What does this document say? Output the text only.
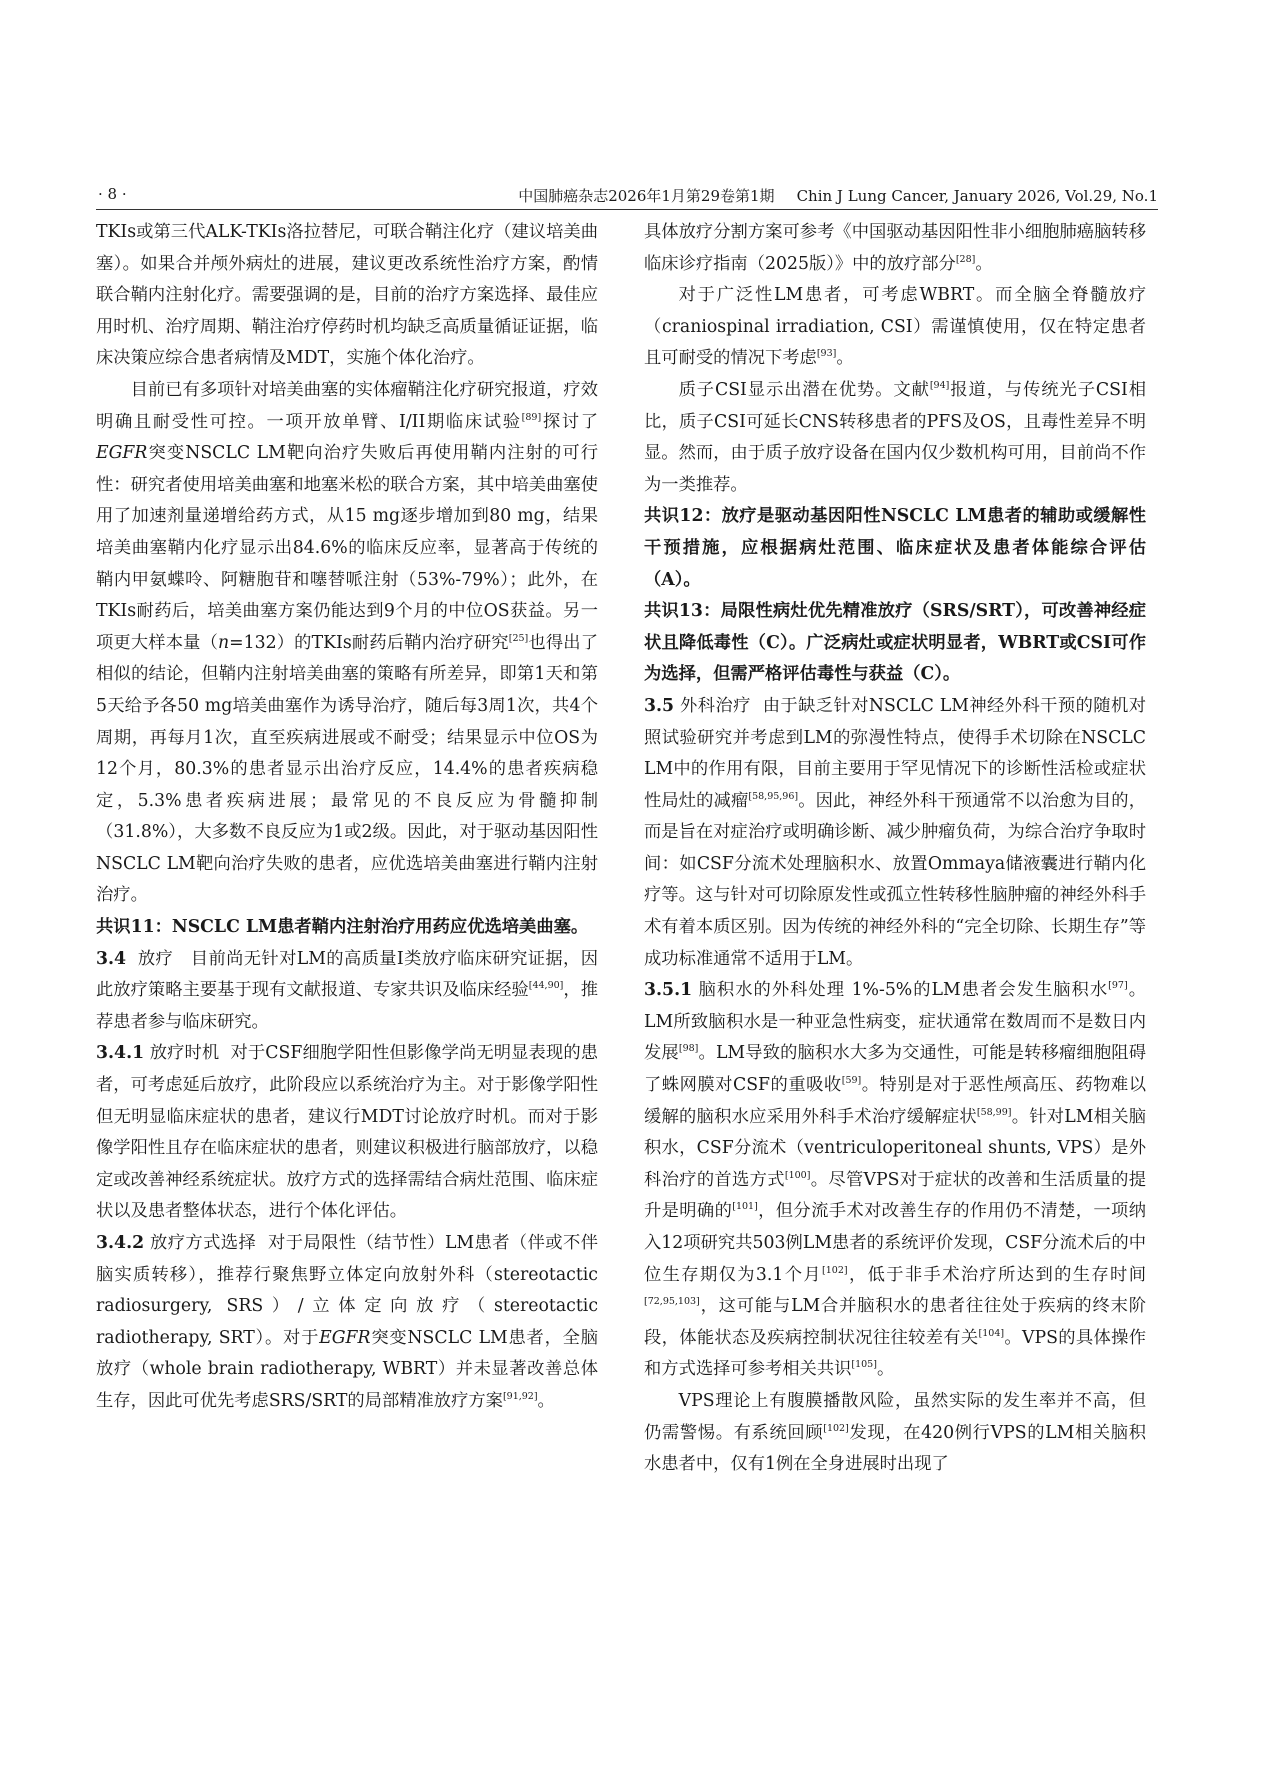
· 8 ·	中国肺癌杂志2026年1月第29卷第1期 Chin J Lung Cancer, January 2026, Vol.29, No.1

TKIs或第三代ALK-TKIs洛拉替尼，可联合鞘注化疗（建议培美曲塞）。如果合并颅外病灶的进展，建议更改系统性治疗方案，酌情联合鞘内注射化疗。需要强调的是，目前的治疗方案选择、最佳应用时机、治疗周期、鞘注治疗停药时机均缺乏高质量循证证据，临床决策应综合患者病情及MDT，实施个体化治疗。

目前已有多项针对培美曲塞的实体瘤鞘注化疗研究报道，疗效明确且耐受性可控。一项开放单臂、I/II期临床试验[89]探讨了EGFR突变NSCLC LM靶向治疗失败后再使用鞘内注射的可行性：研究者使用培美曲塞和地塞米松的联合方案，其中培美曲塞使用了加速剂量递增给药方式，从15 mg逐步增加到80 mg，结果培美曲塞鞘内化疗显示出84.6%的临床反应率，显著高于传统的鞘内甲氨蝶呤、阿糖胞苷和噻替哌注射（53%-79%）；此外，在TKIs耐药后，培美曲塞方案仍能达到9个月的中位OS获益。另一项更大样本量（n=132）的TKIs耐药后鞘内治疗研究[25]也得出了相似的结论，但鞘内注射培美曲塞的策略有所差异，即第1天和第5天给予各50 mg培美曲塞作为诱导治疗，随后每3周1次，共4个周期，再每月1次，直至疾病进展或不耐受；结果显示中位OS为12个月，80.3%的患者显示出治疗反应，14.4%的患者疾病稳定，5.3%患者疾病进展；最常见的不良反应为骨髓抑制（31.8%），大多数不良反应为1或2级。因此，对于驱动基因阳性NSCLC LM靶向治疗失败的患者，应优选培美曲塞进行鞘内注射治疗。

共识11：NSCLC LM患者鞘内注射治疗用药应优选培美曲塞。

3.4 放疗 目前尚无针对LM的高质量I类放疗临床研究证据，因此放疗策略主要基于现有文献报道、专家共识及临床经验[44,90]，推荐患者参与临床研究。

3.4.1 放疗时机 对于CSF细胞学阳性但影像学尚无明显表现的患者，可考虑延后放疗，此阶段应以系统治疗为主。对于影像学阳性但无明显临床症状的患者，建议行MDT讨论放疗时机。而对于影像学阳性且存在临床症状的患者，则建议积极进行脑部放疗，以稳定或改善神经系统症状。放疗方式的选择需结合病灶范围、临床症状以及患者整体状态，进行个体化评估。

3.4.2 放疗方式选择 对于局限性（结节性）LM患者（伴或不伴脑实质转移），推荐行聚焦野立体定向放射外科（stereotactic radiosurgery, SRS）/立体定向放疗（stereotactic radiotherapy, SRT）。对于EGFR突变NSCLC LM患者，全脑放疗（whole brain radiotherapy, WBRT）并未显著改善总体生存，因此可优先考虑SRS/SRT的局部精准放疗方案[91,92]。

具体放疗分割方案可参考《中国驱动基因阳性非小细胞肺癌脑转移临床诊疗指南（2025版）》中的放疗部分[28]。

对于广泛性LM患者，可考虑WBRT。而全脑全脊髓放疗（craniospinal irradiation, CSI）需谨慎使用，仅在特定患者且可耐受的情况下考虑[93]。

质子CSI显示出潜在优势。文献[94]报道，与传统光子CSI相比，质子CSI可延长CNS转移患者的PFS及OS，且毒性差异不明显。然而，由于质子放疗设备在国内仅少数机构可用，目前尚不作为一类推荐。

共识12：放疗是驱动基因阳性NSCLC LM患者的辅助或缓解性干预措施，应根据病灶范围、临床症状及患者体能综合评估（A）。

共识13：局限性病灶优先精准放疗（SRS/SRT），可改善神经症状且降低毒性（C）。广泛病灶或症状明显者，WBRT或CSI可作为选择，但需严格评估毒性与获益（C）。

3.5 外科治疗 由于缺乏针对NSCLC LM神经外科干预的随机对照试验研究并考虑到LM的弥漫性特点，使得手术切除在NSCLC LM中的作用有限，目前主要用于罕见情况下的诊断性活检或症状性局灶的减瘤[58,95,96]。因此，神经外科干预通常不以治愈为目的，而是旨在对症治疗或明确诊断、减少肿瘤负荷，为综合治疗争取时间：如CSF分流术处理脑积水、放置Ommaya储液囊进行鞘内化疗等。这与针对可切除原发性或孤立性转移性脑肿瘤的神经外科手术有着本质区别。因为传统的神经外科的“完全切除、长期生存”等成功标准通常不适用于LM。

3.5.1 脑积水的外科处理 1%-5%的LM患者会发生脑积水[97]。LM所致脑积水是一种亚急性病变，症状通常在数周而不是数日内发展[98]。LM导致的脑积水大多为交通性，可能是转移瘤细胞阻碍了蛛网膜对CSF的重吸收[59]。特别是对于恶性颅高压、药物难以缓解的脑积水应采用外科手术治疗缓解症状[58,99]。针对LM相关脑积水，CSF分流术（ventriculoperitoneal shunts, VPS）是外科治疗的首选方式[100]。尽管VPS对于症状的改善和生活质量的提升是明确的[101]，但分流手术对改善生存的作用仍不清楚，一项纳入12项研究共503例LM患者的系统评价发现，CSF分流术后的中位生存期仅为3.1个月[102]，低于非手术治疗所达到的生存时间[72,95,103]，这可能与LM合并脑积水的患者往往处于疾病的终末阶段，体能状态及疾病控制状况往往较差有关[104]。VPS的具体操作和方式选择可参考相关共识[105]。

VPS理论上有腹膜播散风险，虽然实际的发生率并不高，但仍需警惕。有系统回顾[102]发现，在420例行VPS的LM相关脑积水患者中，仅有1例在全身进展时出现了
